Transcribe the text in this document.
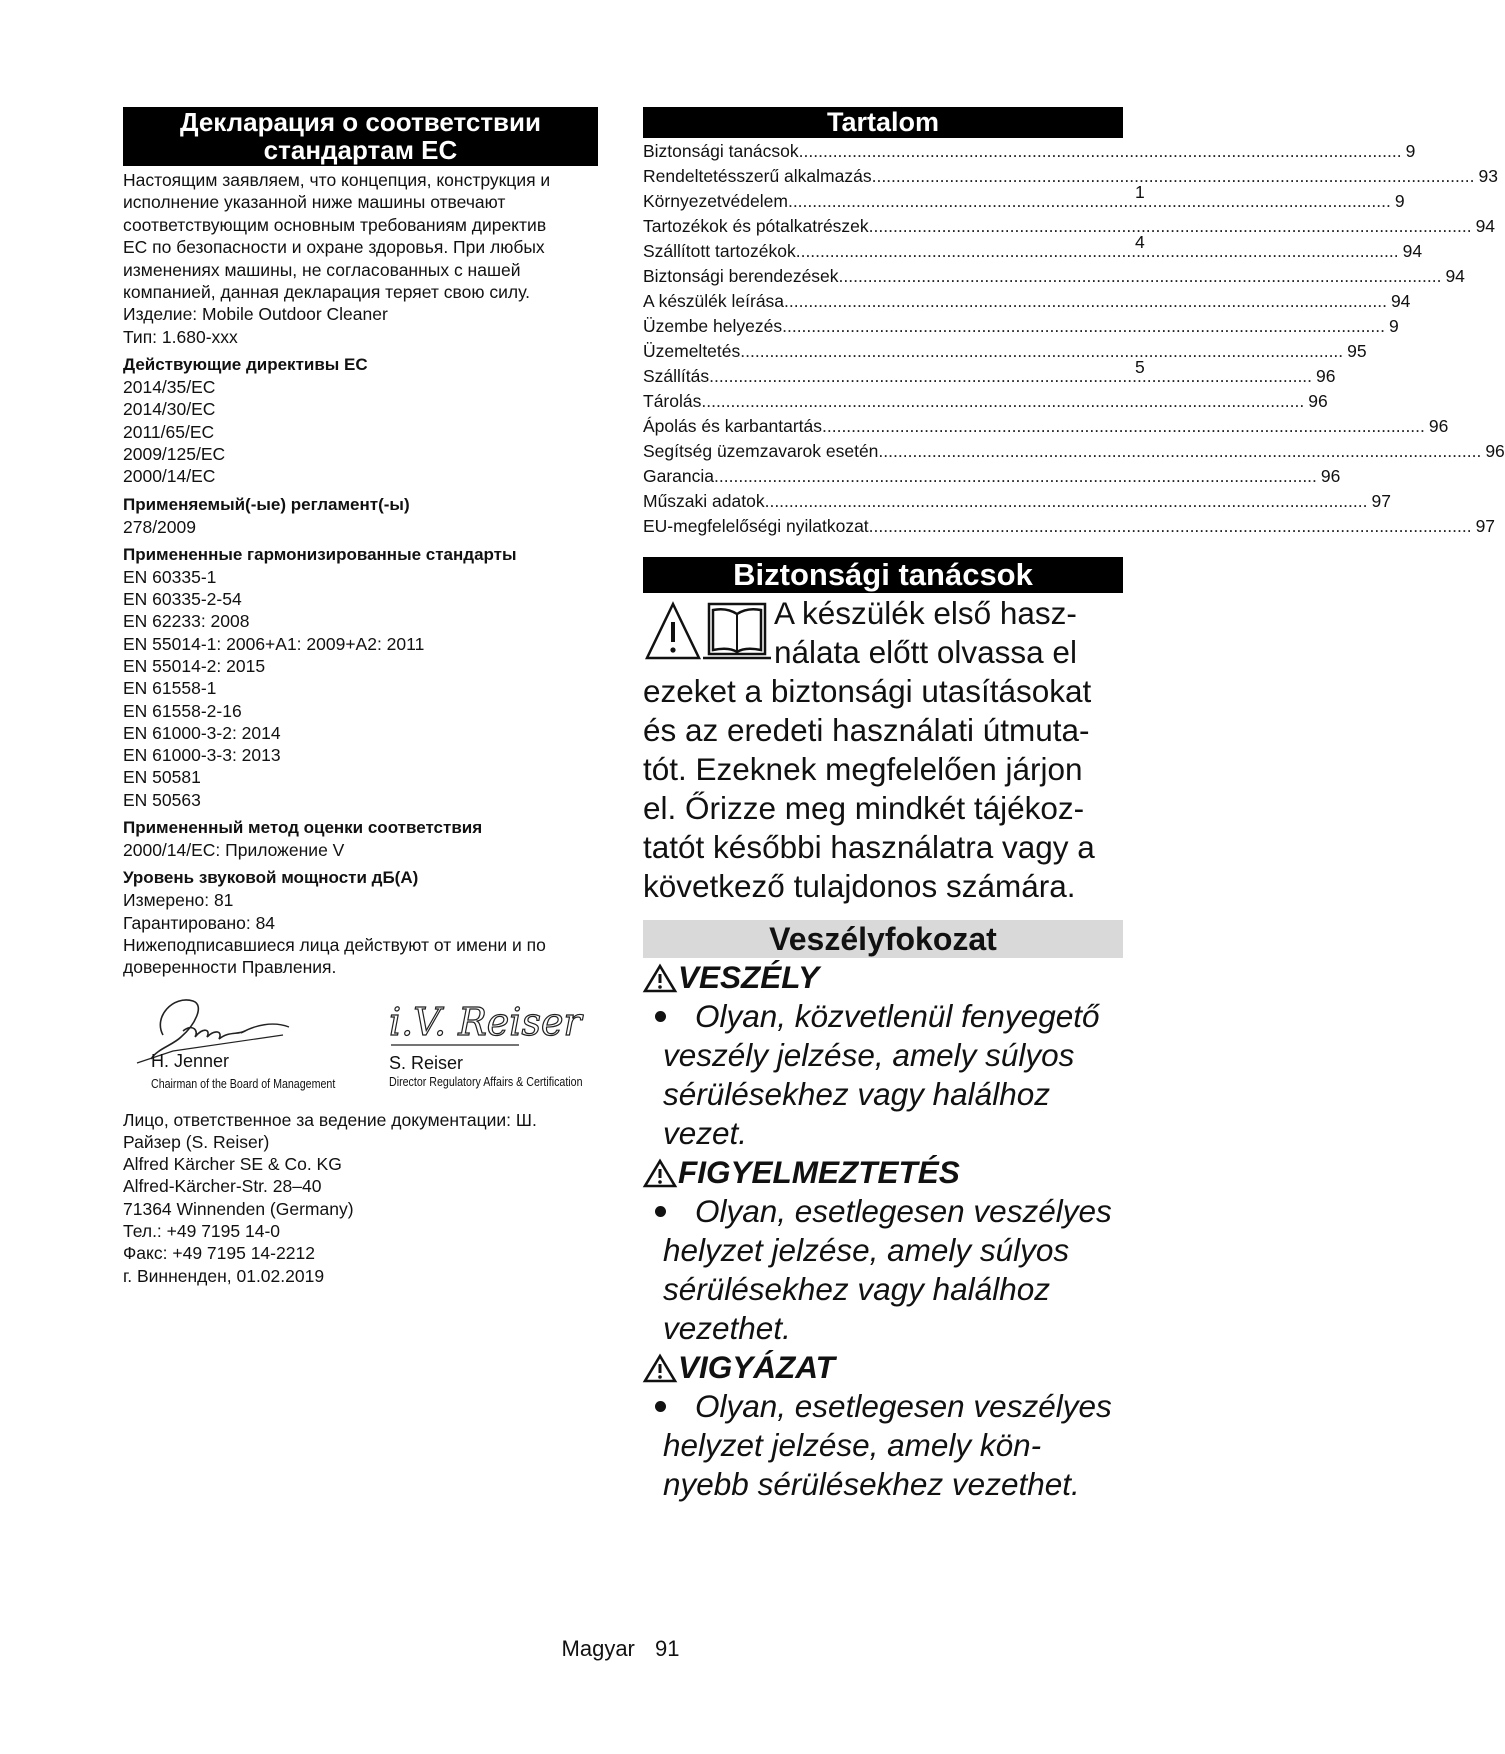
Декларация о соответствии
стандартам ЕС
Настоящим заявляем, что концепция, конструкция и
исполнение указанной ниже машины отвечают
соответствующим основным требованиям директив
ЕС по безопасности и охране здоровья. При любых
изменениях машины, не согласованных с нашей
компанией, данная декларация теряет свою силу.
Изделие: Mobile Outdoor Cleaner
Тип: 1.680-xxx
Действующие директивы ЕС
2014/35/EC
2014/30/EC
2011/65/EC
2009/125/EC
2000/14/EC
Применяемый(-ые) регламент(-ы)
278/2009
Примененные гармонизированные стандарты
EN 60335-1
EN 60335-2-54
EN 62233: 2008
EN 55014-1: 2006+A1: 2009+A2: 2011
EN 55014-2: 2015
EN 61558-1
EN 61558-2-16
EN 61000-3-2: 2014
EN 61000-3-3: 2013
EN 50581
EN 50563
Примененный метод оценки соответствия
2000/14/EC: Приложение V
Уровень звуковой мощности дБ(A)
Измерено: 81
Гарантировано: 84
Нижеподписавшиеся лица действуют от имени и по
доверенности Правления.
i.V. Reiser
H. Jenner	S. Reiser
Chairman of the Board of Management	Director Regulatory Affairs & Certification
Лицо, ответственное за ведение документации: Ш.
Райзер (S. Reiser)
Alfred Kärcher SE & Co. KG
Alfred-Kärcher-Str. 28–40
71364 Winnenden (Germany)
Тел.: +49 7195 14-0
Факс: +49 7195 14-2212
г. Винненден, 01.02.2019
Tartalom
Biztonsági tanácsok .....	9
Rendeltetésszerű alkalmazás .....	93
Környezetvédelem .....	9
Tartozékok és pótalkatrészek .....	94
Szállított tartozékok .....	94
Biztonsági berendezések .....	94
A készülék leírása .....	94
Üzembe helyezés .....	9
Üzemeltetés .....	95
Szállítás .....	96
Tárolás .....	96
Ápolás és karbantartás .....	96
Segítség üzemzavarok esetén .....	96
Garancia .....	96
Műszaki adatok .....	97
EU-megfelelőségi nyilatkozat .....	97
1
4
5
Biztonsági tanácsok
A készülék első hasz-
nálata előtt olvassa el
ezeket a biztonsági utasításokat
és az eredeti használati útmuta-
tót. Ezeknek megfelelően járjon
el. Őrizze meg mindkét tájékoz-
tatót későbbi használatra vagy a
következő tulajdonos számára.
Veszélyfokozat
VESZÉLY
Olyan, közvetlenül fenyegető
veszély jelzése, amely súlyos
sérülésekhez vagy halálhoz
vezet.
FIGYELMEZTETÉS
Olyan, esetlegesen veszélyes
helyzet jelzése, amely súlyos
sérülésekhez vagy halálhoz
vezethet.
VIGYÁZAT
Olyan, esetlegesen veszélyes
helyzet jelzése, amely kön-
nyebb sérülésekhez vezethet.
Magyar 91
